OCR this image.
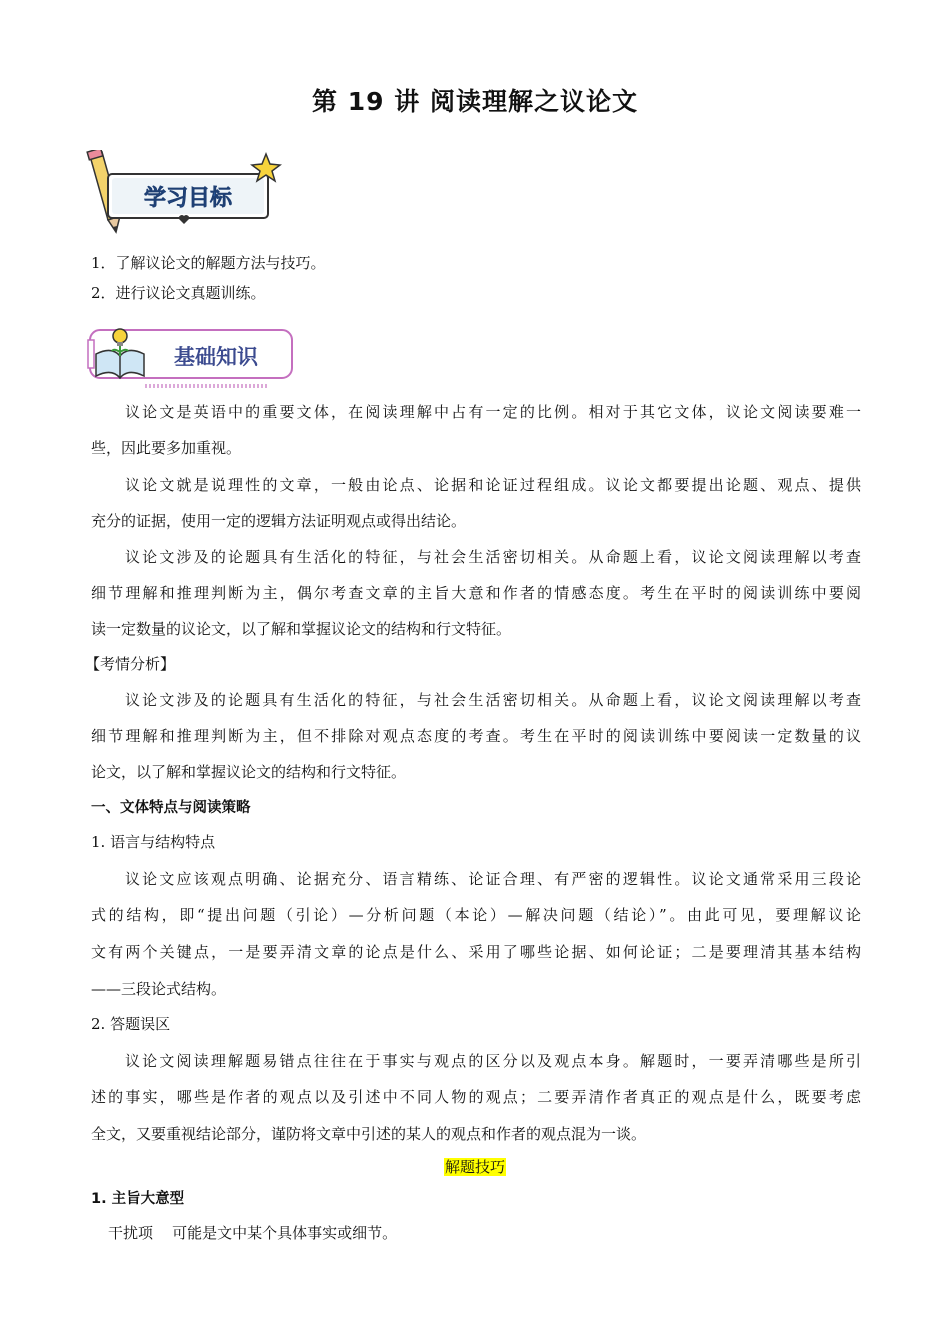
第 19 讲 阅读理解之议论文
学习目标
1．了解议论文的解题方法与技巧。
2．进行议论文真题训练。
基础知识
议论文是英语中的重要文体，在阅读理解中占有一定的比例。相对于其它文体，议论文阅读要难一
些，因此要多加重视。
议论文就是说理性的文章，一般由论点、论据和论证过程组成。议论文都要提出论题、观点、提供
充分的证据，使用一定的逻辑方法证明观点或得出结论。
议论文涉及的论题具有生活化的特征，与社会生活密切相关。从命题上看，议论文阅读理解以考查
细节理解和推理判断为主，偶尔考查文章的主旨大意和作者的情感态度。考生在平时的阅读训练中要阅
读一定数量的议论文，以了解和掌握议论文的结构和行文特征。
【考情分析】
议论文涉及的论题具有生活化的特征，与社会生活密切相关。从命题上看，议论文阅读理解以考查
细节理解和推理判断为主，但不排除对观点态度的考查。考生在平时的阅读训练中要阅读一定数量的议
论文，以了解和掌握议论文的结构和行文特征。
一、文体特点与阅读策略
1. 语言与结构特点
议论文应该观点明确、论据充分、语言精练、论证合理、有严密的逻辑性。议论文通常采用三段论
式的结构，即“提出问题（引论）—分析问题（本论）—解决问题（结论）”。由此可见，要理解议论
文有两个关键点，一是要弄清文章的论点是什么、采用了哪些论据、如何论证；二是要理清其基本结构
——三段论式结构。
2. 答题误区
议论文阅读理解题易错点往往在于事实与观点的区分以及观点本身。解题时，一要弄清哪些是所引
述的事实，哪些是作者的观点以及引述中不同人物的观点；二要弄清作者真正的观点是什么，既要考虑
全文，又要重视结论部分，谨防将文章中引述的某人的观点和作者的观点混为一谈。
解题技巧
1. 主旨大意型
干扰项    可能是文中某个具体事实或细节。
